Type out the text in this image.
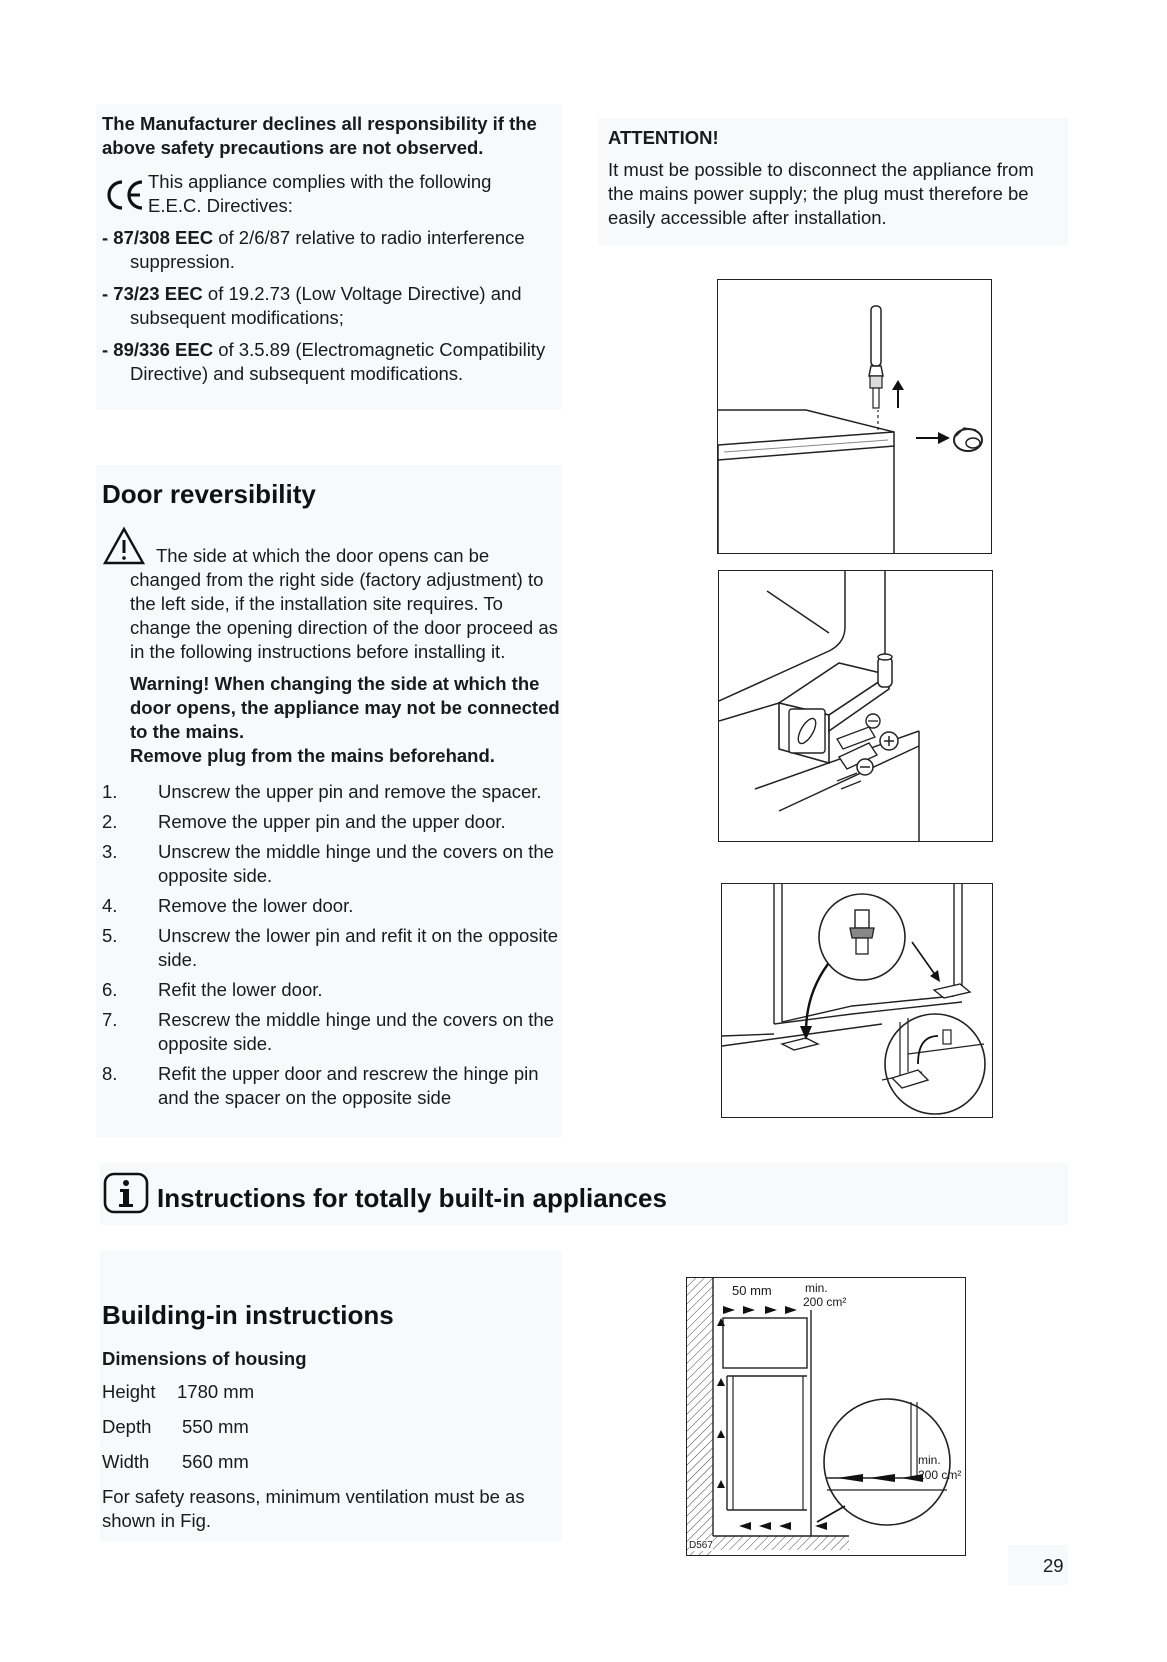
The Manufacturer declines all responsibility if the above safety precautions are not observed.

This appliance complies with the following E.E.C. Directives:

- 87/308 EEC of 2/6/87 relative to radio interference suppression.

- 73/23 EEC of 19.2.73 (Low Voltage Directive) and subsequent modifications;

- 89/336 EEC of 3.5.89 (Electromagnetic Compatibility Directive) and subsequent modifications.

ATTENTION!

It must be possible to disconnect the appliance from the mains power supply; the plug must therefore be easily accessible after installation.

Door reversibility

The side at which the door opens can be changed from the right side (factory adjustment) to the left side, if the installation site requires. To change the opening direction of the door proceed as in the following instructions before installing it.

Warning! When changing the side at which the door opens, the appliance may not be connected to the mains.

Remove plug from the mains beforehand.

1. Unscrew the upper pin and remove the spacer.
2. Remove the upper pin and the upper door.
3. Unscrew the middle hinge und the covers on the opposite side.
4. Remove the lower door.
5. Unscrew the lower pin and refit it on the opposite side.
6. Refit the lower door.
7. Rescrew the middle hinge und the covers on the opposite side.
8. Refit the upper door and rescrew the hinge pin and the spacer on the opposite side
Instructions for totally built-in appliances
Building-in instructions

Dimensions of housing

Height	1780 mm
Depth	550 mm
Width	560 mm

For safety reasons, minimum ventilation must be as shown in Fig.

50 mm	min.
200 cm²
min.
200 cm²
D567
29
